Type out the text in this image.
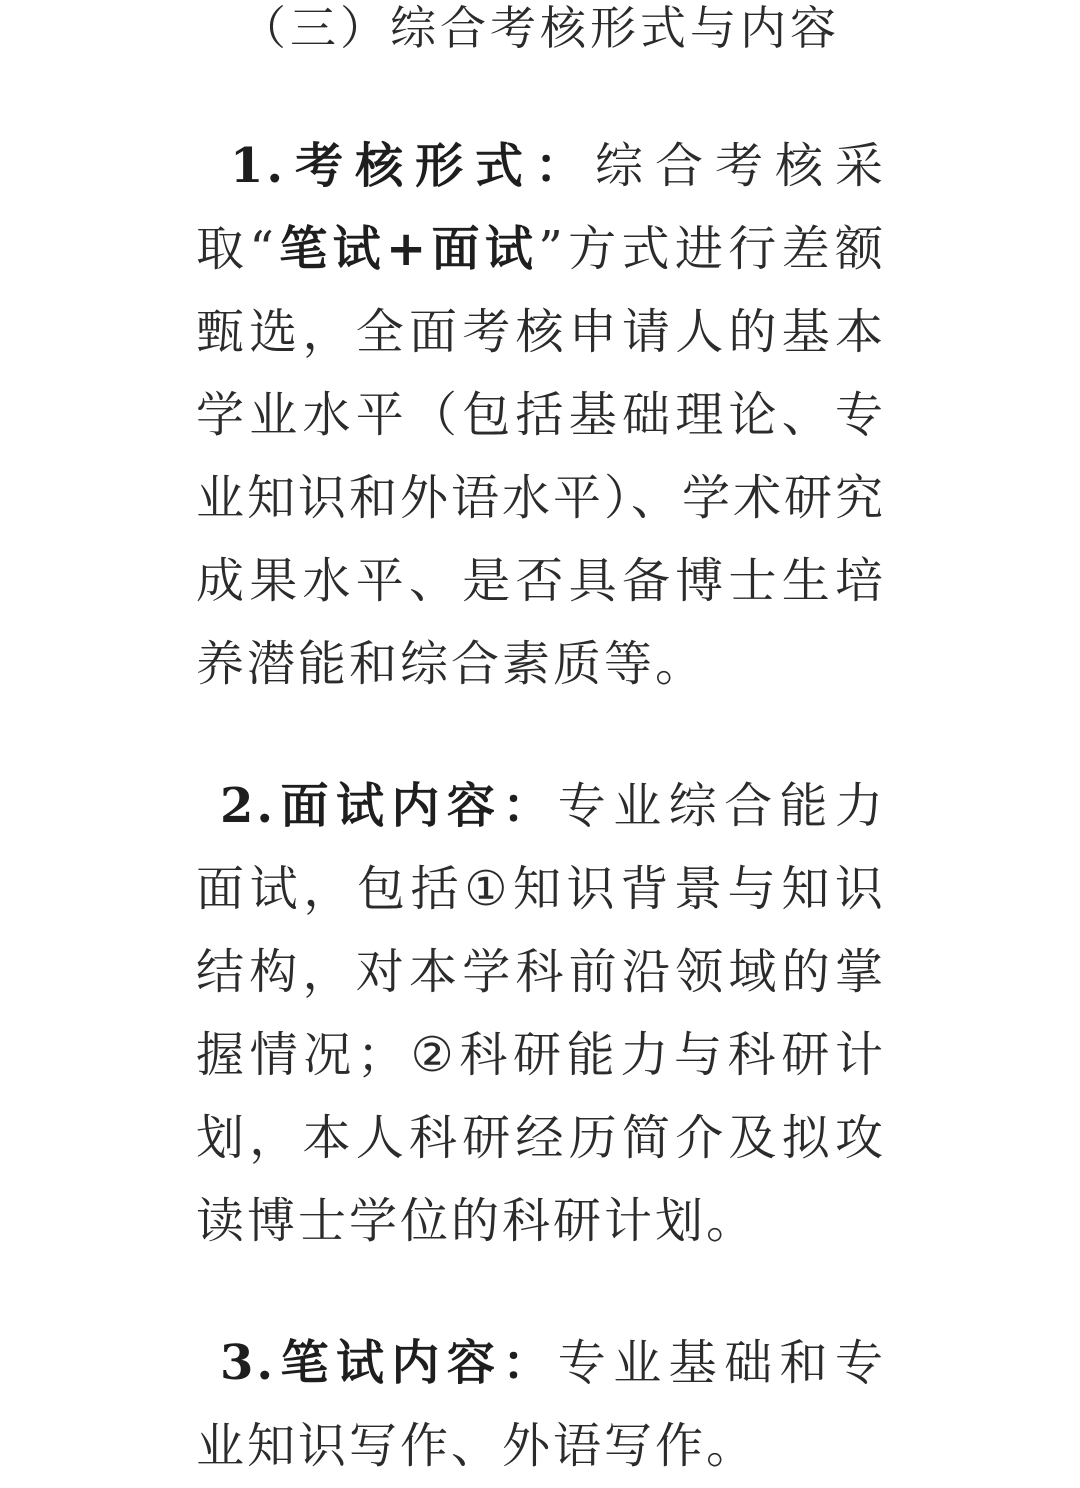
（三）综合考核形式与内容

1.考核形式：综合考核采取“笔试+面试”方式进行差额甄选，全面考核申请人的基本学业水平（包括基础理论、专业知识和外语水平）、学术研究成果水平、是否具备博士生培养潜能和综合素质等。

2.面试内容：专业综合能力面试，包括①知识背景与知识结构，对本学科前沿领域的掌握情况；②科研能力与科研计划，本人科研经历简介及拟攻读博士学位的科研计划。

3.笔试内容：专业基础和专业知识写作、外语写作。
